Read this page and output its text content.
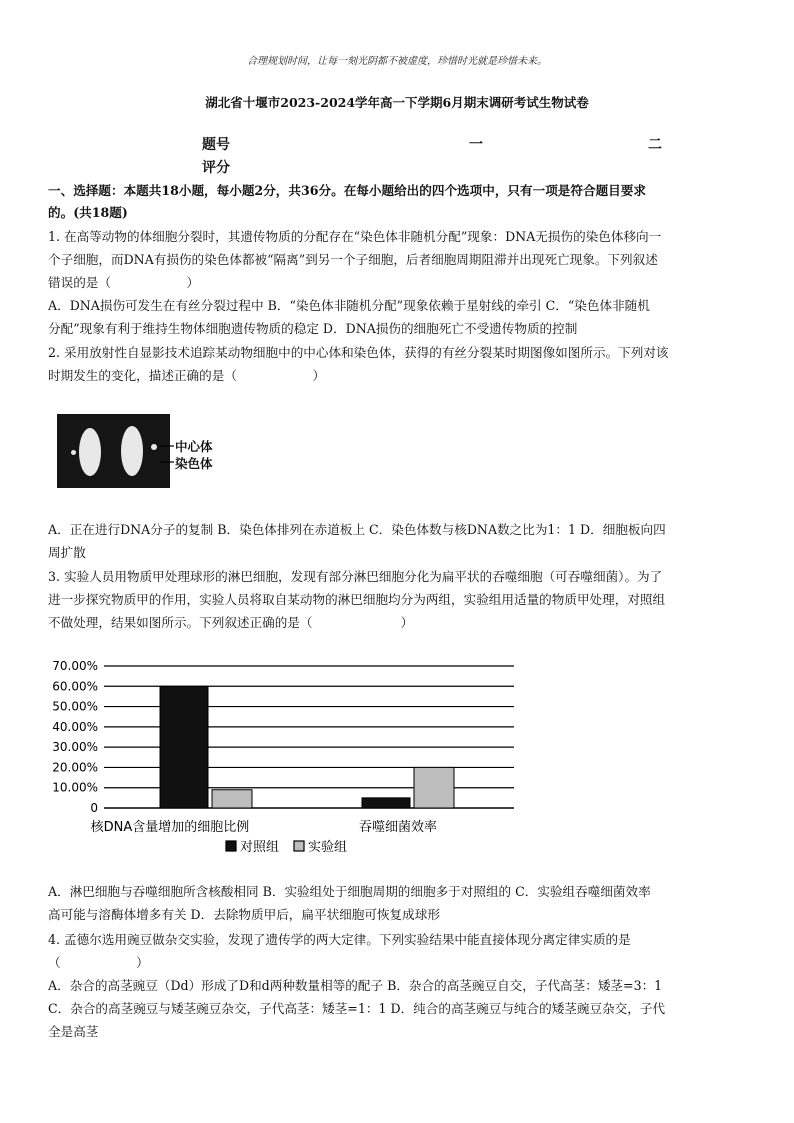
合理规划时间，让每一刻光阴都不被虚度，珍惜时光就是珍惜未来。
湖北省十堰市2023-2024学年高一下学期6月期末调研考试生物试卷
题号	一	二
评分
一、选择题：本题共18小题，每小题2分，共36分。在每小题给出的四个选项中，只有一项是符合题目要求
的。(共18题)
1. 在高等动物的体细胞分裂时，其遗传物质的分配存在“染色体非随机分配”现象：DNA无损伤的染色体移向一
个子细胞，而DNA有损伤的染色体都被“隔离”到另一个子细胞，后者细胞周期阻滞并出现死亡现象。下列叙述
错误的是（　　　　　　）
A．DNA损伤可发生在有丝分裂过程中 B．“染色体非随机分配”现象依赖于星射线的牵引 C．“染色体非随机
分配”现象有利于维持生物体细胞遗传物质的稳定 D．DNA损伤的细胞死亡不受遗传物质的控制
2. 采用放射性自显影技术追踪某动物细胞中的中心体和染色体，获得的有丝分裂某时期图像如图所示。下列对该
时期发生的变化，描述正确的是（　　　　　　）
中心体
染色体
A．正在进行DNA分子的复制 B．染色体排列在赤道板上 C．染色体数与核DNA数之比为1：1 D．细胞板向四
周扩散
3. 实验人员用物质甲处理球形的淋巴细胞，发现有部分淋巴细胞分化为扁平状的吞噬细胞（可吞噬细菌）。为了
进一步探究物质甲的作用，实验人员将取自某动物的淋巴细胞均分为两组，实验组用适量的物质甲处理，对照组
不做处理，结果如图所示。下列叙述正确的是（　　　　　　　）
0
10.00%
20.00%
30.00%
40.00%
50.00%
60.00%
70.00%
核DNA含量增加的细胞比例	吞噬细菌效率
对照组 实验组
A．淋巴细胞与吞噬细胞所含核酸相同 B．实验组处于细胞周期的细胞多于对照组的 C．实验组吞噬细菌效率
高可能与溶酶体增多有关 D．去除物质甲后，扁平状细胞可恢复成球形
4. 孟德尔选用豌豆做杂交实验，发现了遗传学的两大定律。下列实验结果中能直接体现分离定律实质的是
（　　　　　　）
A．杂合的高茎豌豆（Dd）形成了D和d两种数量相等的配子 B．杂合的高茎豌豆自交，子代高茎：矮茎=3：1
C．杂合的高茎豌豆与矮茎豌豆杂交，子代高茎：矮茎=1：1 D．纯合的高茎豌豆与纯合的矮茎豌豆杂交，子代
全是高茎
